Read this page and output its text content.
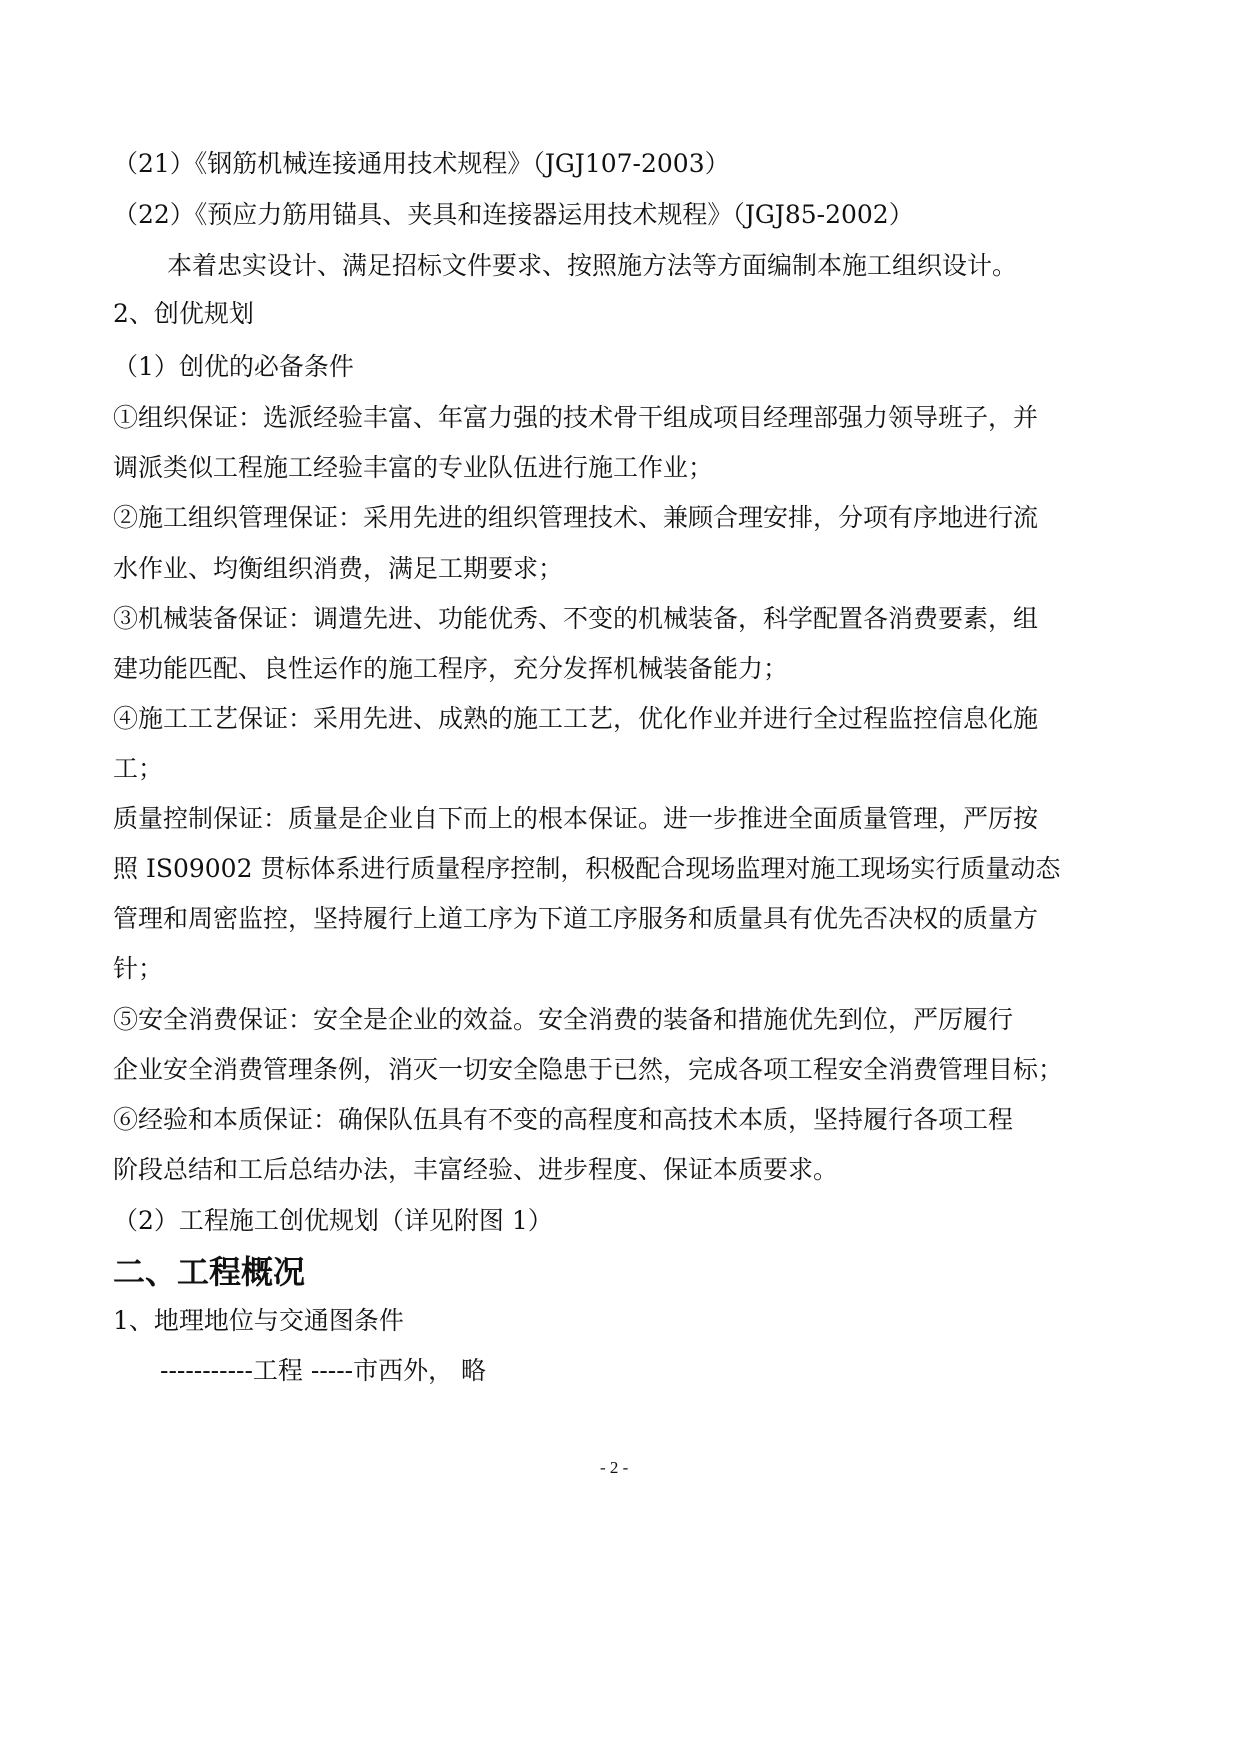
（21）《钢筋机械连接通用技术规程》（JGJ107-2003）
（22）《预应力筋用锚具、夹具和连接器运用技术规程》（JGJ85-2002）
本着忠实设计、满足招标文件要求、按照施方法等方面编制本施工组织设计。
2、创优规划
（1）创优的必备条件
①组织保证：选派经验丰富、年富力强的技术骨干组成项目经理部强力领导班子，并
调派类似工程施工经验丰富的专业队伍进行施工作业；
②施工组织管理保证：采用先进的组织管理技术、兼顾合理安排，分项有序地进行流
水作业、均衡组织消费，满足工期要求；
③机械装备保证：调遣先进、功能优秀、不变的机械装备，科学配置各消费要素，组
建功能匹配、良性运作的施工程序，充分发挥机械装备能力；
④施工工艺保证：采用先进、成熟的施工工艺，优化作业并进行全过程监控信息化施
工；
质量控制保证：质量是企业自下而上的根本保证。进一步推进全面质量管理，严厉按
照 IS09002 贯标体系进行质量程序控制，积极配合现场监理对施工现场实行质量动态
管理和周密监控，坚持履行上道工序为下道工序服务和质量具有优先否决权的质量方
针；
⑤安全消费保证：安全是企业的效益。安全消费的装备和措施优先到位，严厉履行
企业安全消费管理条例，消灭一切安全隐患于已然，完成各项工程安全消费管理目标；
⑥经验和本质保证：确保队伍具有不变的高程度和高技术本质，坚持履行各项工程
阶段总结和工后总结办法，丰富经验、进步程度、保证本质要求。
（2）工程施工创优规划（详见附图 1）
二、工程概况
1、地理地位与交通图条件
-----------工程 -----市西外， 略
- 2 -
